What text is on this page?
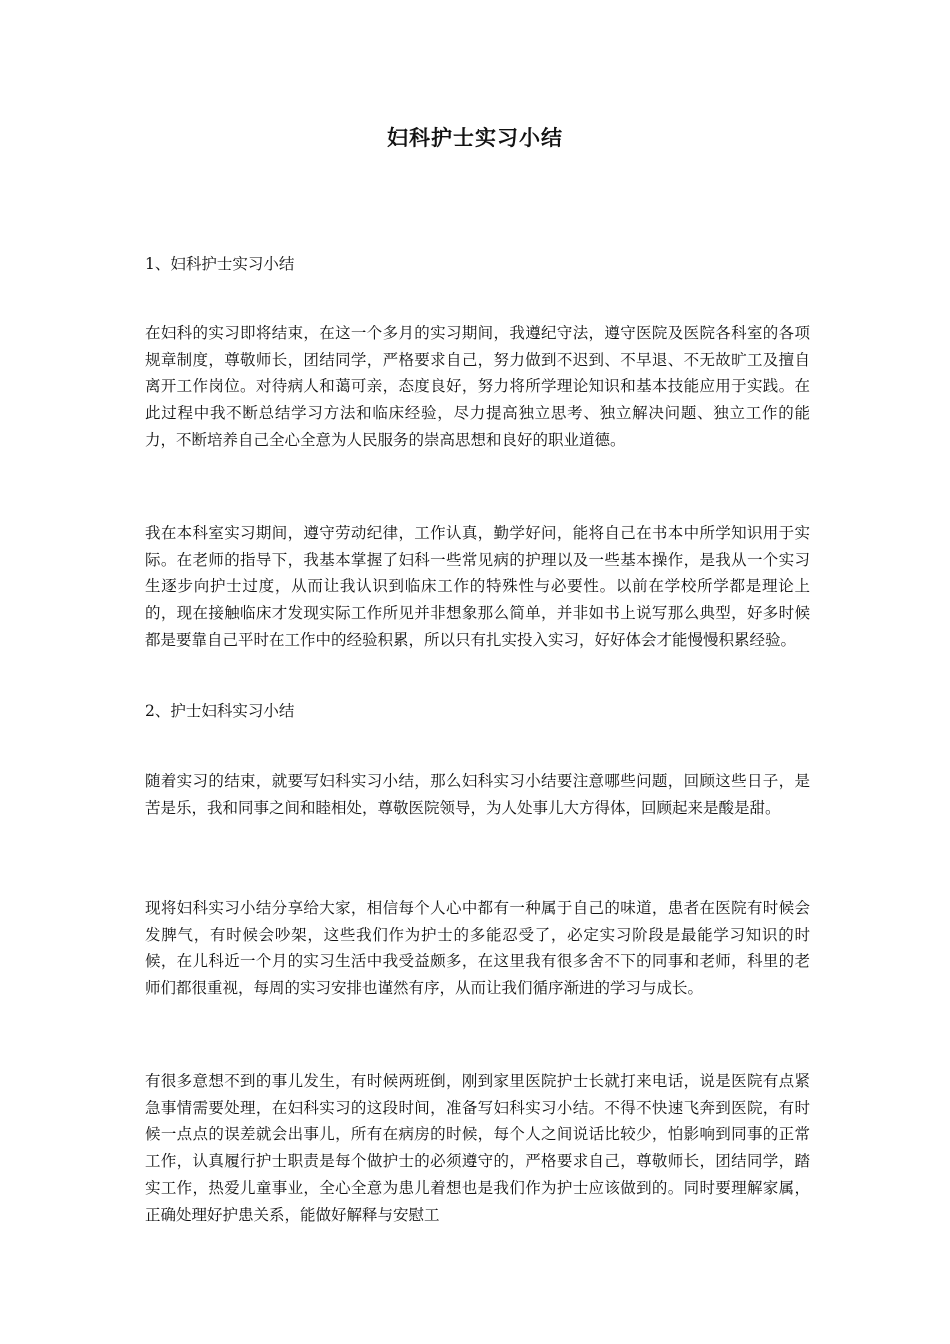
妇科护士实习小结
1、妇科护士实习小结

在妇科的实习即将结束，在这一个多月的实习期间，我遵纪守法，遵守医院及医院各科室的各项规章制度，尊敬师长，团结同学，严格要求自己，努力做到不迟到、不早退、不无故旷工及擅自离开工作岗位。对待病人和蔼可亲，态度良好，努力将所学理论知识和基本技能应用于实践。在此过程中我不断总结学习方法和临床经验，尽力提高独立思考、独立解决问题、独立工作的能力，不断培养自己全心全意为人民服务的崇高思想和良好的职业道德。

我在本科室实习期间，遵守劳动纪律，工作认真，勤学好问，能将自己在书本中所学知识用于实际。在老师的指导下，我基本掌握了妇科一些常见病的护理以及一些基本操作，是我从一个实习生逐步向护士过度，从而让我认识到临床工作的特殊性与必要性。以前在学校所学都是理论上的，现在接触临床才发现实际工作所见并非想象那么简单，并非如书上说写那么典型，好多时候都是要靠自己平时在工作中的经验积累，所以只有扎实投入实习，好好体会才能慢慢积累经验。

2、护士妇科实习小结

随着实习的结束，就要写妇科实习小结，那么妇科实习小结要注意哪些问题，回顾这些日子，是苦是乐，我和同事之间和睦相处，尊敬医院领导，为人处事儿大方得体，回顾起来是酸是甜。

现将妇科实习小结分享给大家，相信每个人心中都有一种属于自己的味道，患者在医院有时候会发脾气，有时候会吵架，这些我们作为护士的多能忍受了，必定实习阶段是最能学习知识的时候，在儿科近一个月的实习生活中我受益颇多，在这里我有很多舍不下的同事和老师，科里的老师们都很重视，每周的实习安排也谨然有序，从而让我们循序渐进的学习与成长。

有很多意想不到的事儿发生，有时候两班倒，刚到家里医院护士长就打来电话，说是医院有点紧急事情需要处理，在妇科实习的这段时间，准备写妇科实习小结。不得不快速飞奔到医院，有时候一点点的误差就会出事儿，所有在病房的时候，每个人之间说话比较少，怕影响到同事的正常工作，认真履行护士职责是每个做护士的必须遵守的，严格要求自己，尊敬师长，团结同学，踏实工作，热爱儿童事业，全心全意为患儿着想也是我们作为护士应该做到的。同时要理解家属，正确处理好护患关系，能做好解释与安慰工
